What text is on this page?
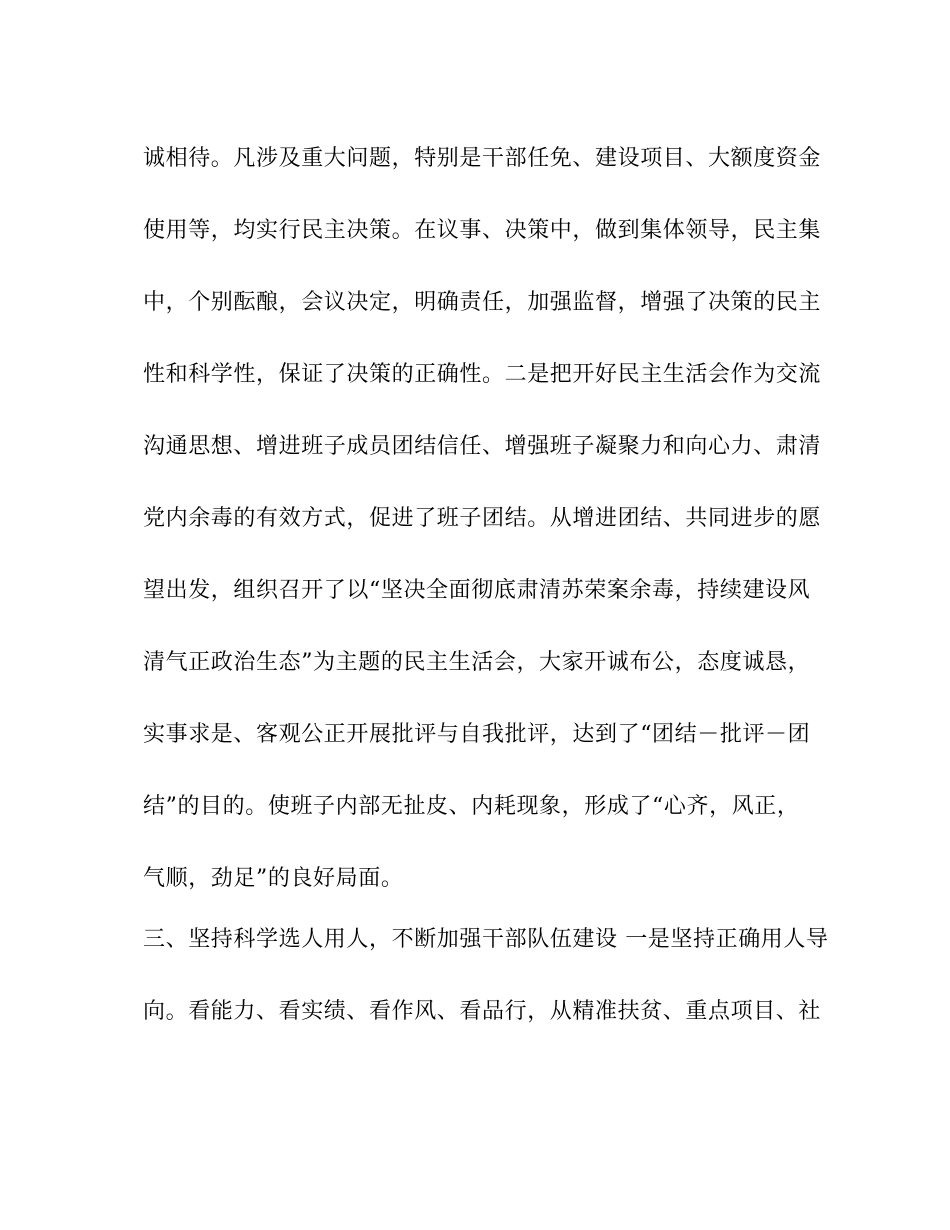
诚相待。凡涉及重大问题，特别是干部任免、建设项目、大额度资金
使用等，均实行民主决策。在议事、决策中，做到集体领导，民主集
中，个别酝酿，会议决定，明确责任，加强监督，增强了决策的民主
性和科学性，保证了决策的正确性。二是把开好民主生活会作为交流
沟通思想、增进班子成员团结信任、增强班子凝聚力和向心力、肃清
党内余毒的有效方式，促进了班子团结。从增进团结、共同进步的愿
望出发，组织召开了以“坚决全面彻底肃清苏荣案余毒，持续建设风
清气正政治生态”为主题的民主生活会，大家开诚布公，态度诚恳，
实事求是、客观公正开展批评与自我批评，达到了“团结－批评－团
结”的目的。使班子内部无扯皮、内耗现象，形成了“心齐，风正，
气顺，劲足”的良好局面。
三、坚持科学选人用人，不断加强干部队伍建设 一是坚持正确用人导
向。看能力、看实绩、看作风、看品行，从精准扶贫、重点项目、社
